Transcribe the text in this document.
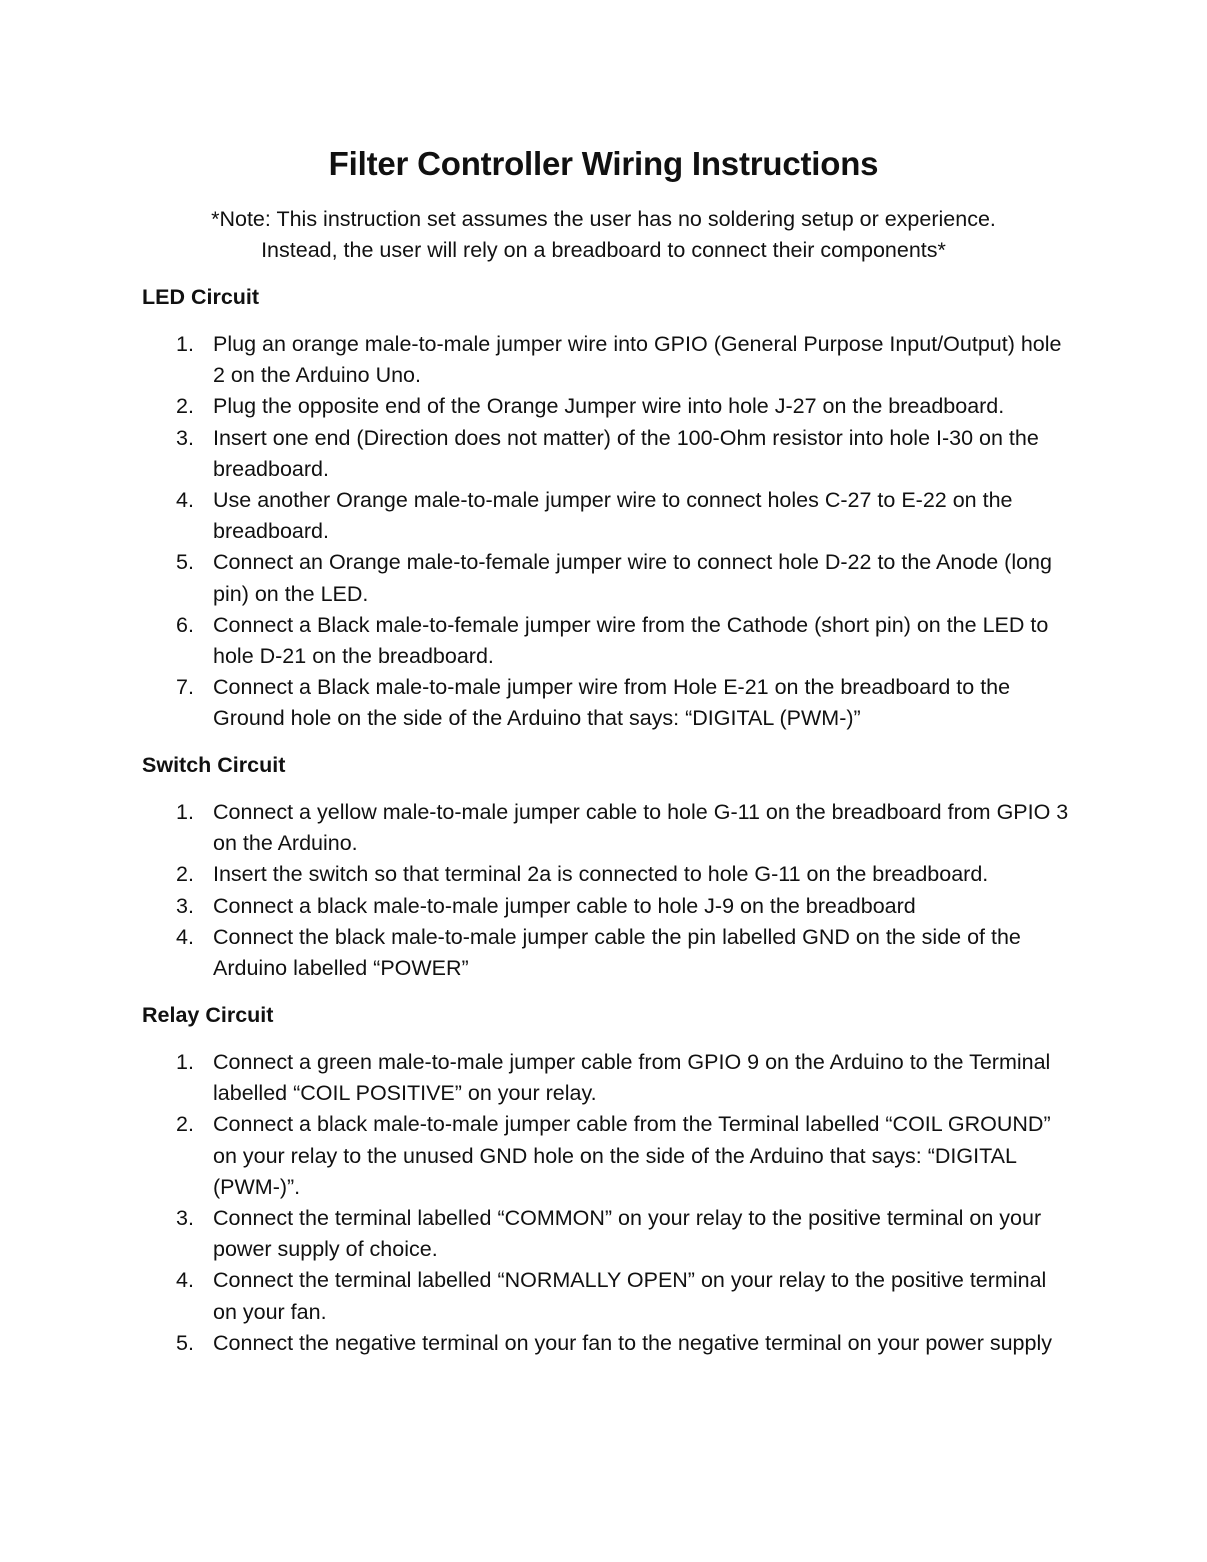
Filter Controller Wiring Instructions

*Note: This instruction set assumes the user has no soldering setup or experience.

Instead, the user will rely on a breadboard to connect their components*

LED Circuit
1. Plug an orange male-to-male jumper wire into GPIO (General Purpose Input/Output) hole 2 on the Arduino Uno.
2. Plug the opposite end of the Orange Jumper wire into hole J-27 on the breadboard.
3. Insert one end (Direction does not matter) of the 100-Ohm resistor into hole I-30 on the breadboard.
4. Use another Orange male-to-male jumper wire to connect holes C-27 to E-22 on the breadboard.
5. Connect an Orange male-to-female jumper wire to connect hole D-22 to the Anode (long pin) on the LED.
6. Connect a Black male-to-female jumper wire from the Cathode (short pin) on the LED to hole D-21 on the breadboard.
7. Connect a Black male-to-male jumper wire from Hole E-21 on the breadboard to the Ground hole on the side of the Arduino that says: “DIGITAL (PWM-)”
Switch Circuit
1. Connect a yellow male-to-male jumper cable to hole G-11 on the breadboard from GPIO 3 on the Arduino.
2. Insert the switch so that terminal 2a is connected to hole G-11 on the breadboard.
3. Connect a black male-to-male jumper cable to hole J-9 on the breadboard
4. Connect the black male-to-male jumper cable the pin labelled GND on the side of the Arduino labelled “POWER”
Relay Circuit
1. Connect a green male-to-male jumper cable from GPIO 9 on the Arduino to the Terminal labelled “COIL POSITIVE” on your relay.
2. Connect a black male-to-male jumper cable from the Terminal labelled “COIL GROUND” on your relay to the unused GND hole on the side of the Arduino that says: “DIGITAL (PWM-)”.
3. Connect the terminal labelled “COMMON” on your relay to the positive terminal on your power supply of choice.
4. Connect the terminal labelled “NORMALLY OPEN” on your relay to the positive terminal on your fan.
5. Connect the negative terminal on your fan to the negative terminal on your power supply
